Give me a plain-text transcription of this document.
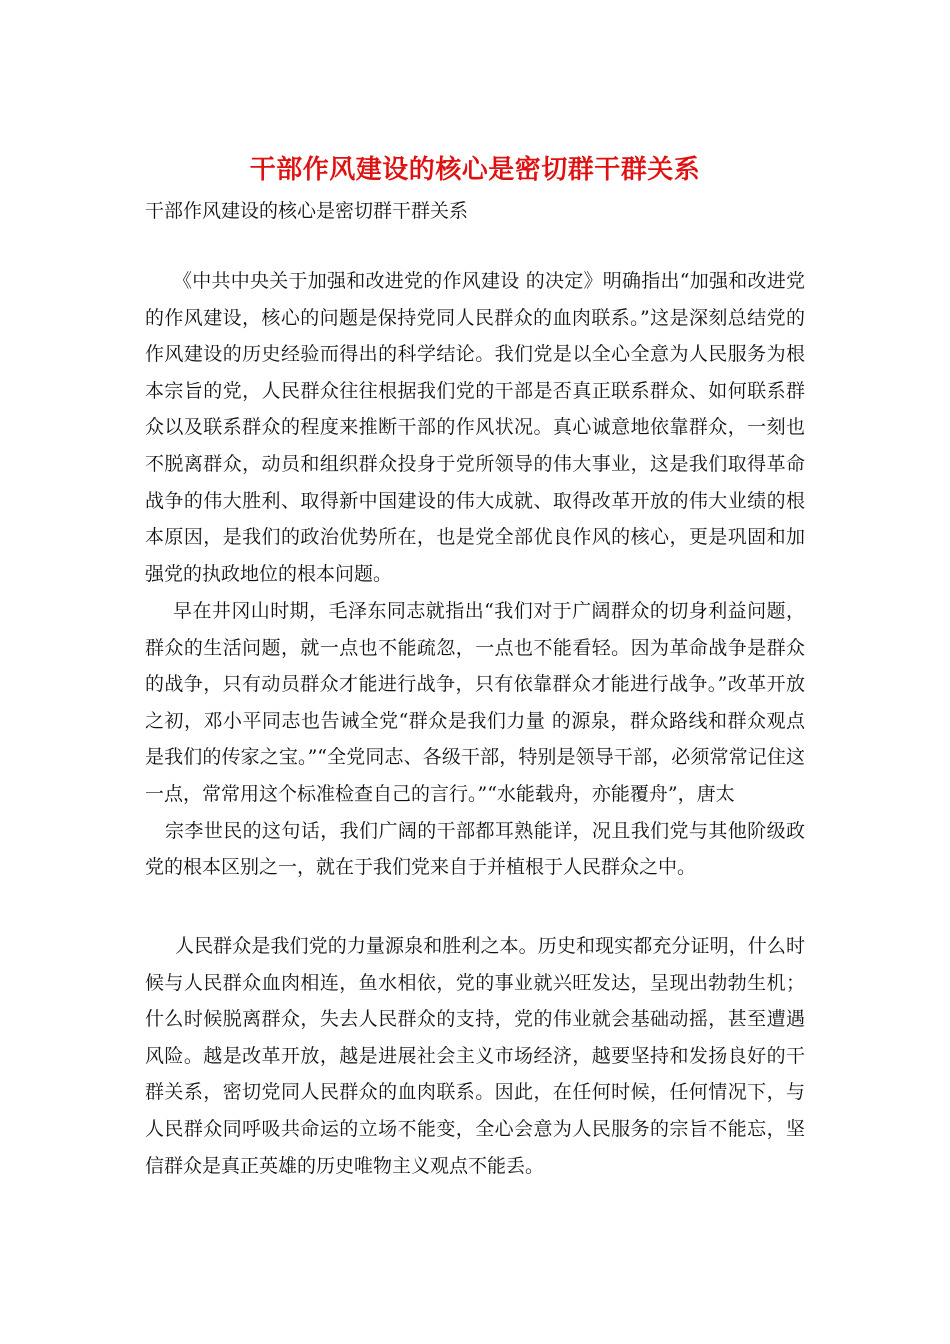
干部作风建设的核心是密切群干群关系
干部作风建设的核心是密切群干群关系
《中共中央关于加强和改进党的作风建设 的决定》明确指出“加强和改进党的作风建设，核心的问题是保持党同人民群众的血肉联系。”这是深刻总结党的作风建设的历史经验而得出的科学结论。我们党是以全心全意为人民服务为根本宗旨的党，人民群众往往根据我们党的干部是否真正联系群众、如何联系群众以及联系群众的程度来推断干部的作风状况。真心诚意地依靠群众，一刻也不脱离群众，动员和组织群众投身于党所领导的伟大事业，这是我们取得革命战争的伟大胜利、取得新中国建设的伟大成就、取得改革开放的伟大业绩的根本原因，是我们的政治优势所在，也是党全部优良作风的核心，更是巩固和加强党的执政地位的根本问题。
早在井冈山时期，毛泽东同志就指出“我们对于广阔群众的切身利益问题，群众的生活问题，就一点也不能疏忽，一点也不能看轻。因为革命战争是群众的战争，只有动员群众才能进行战争，只有依靠群众才能进行战争。”改革开放之初，邓小平同志也告诫全党“群众是我们力量 的源泉，群众路线和群众观点是我们的传家之宝。”“全党同志、各级干部，特别是领导干部，必须常常记住这一点，常常用这个标准检查自己的言行。”“水能载舟，亦能覆舟”，唐太
宗李世民的这句话，我们广阔的干部都耳熟能详，况且我们党与其他阶级政党的根本区别之一，就在于我们党来自于并植根于人民群众之中。
人民群众是我们党的力量源泉和胜利之本。历史和现实都充分证明，什么时候与人民群众血肉相连，鱼水相依，党的事业就兴旺发达，呈现出勃勃生机；什么时候脱离群众，失去人民群众的支持，党的伟业就会基础动摇，甚至遭遇风险。越是改革开放，越是进展社会主义市场经济，越要坚持和发扬良好的干群关系，密切党同人民群众的血肉联系。因此，在任何时候，任何情况下，与人民群众同呼吸共命运的立场不能变，全心会意为人民服务的宗旨不能忘，坚信群众是真正英雄的历史唯物主义观点不能丢。
